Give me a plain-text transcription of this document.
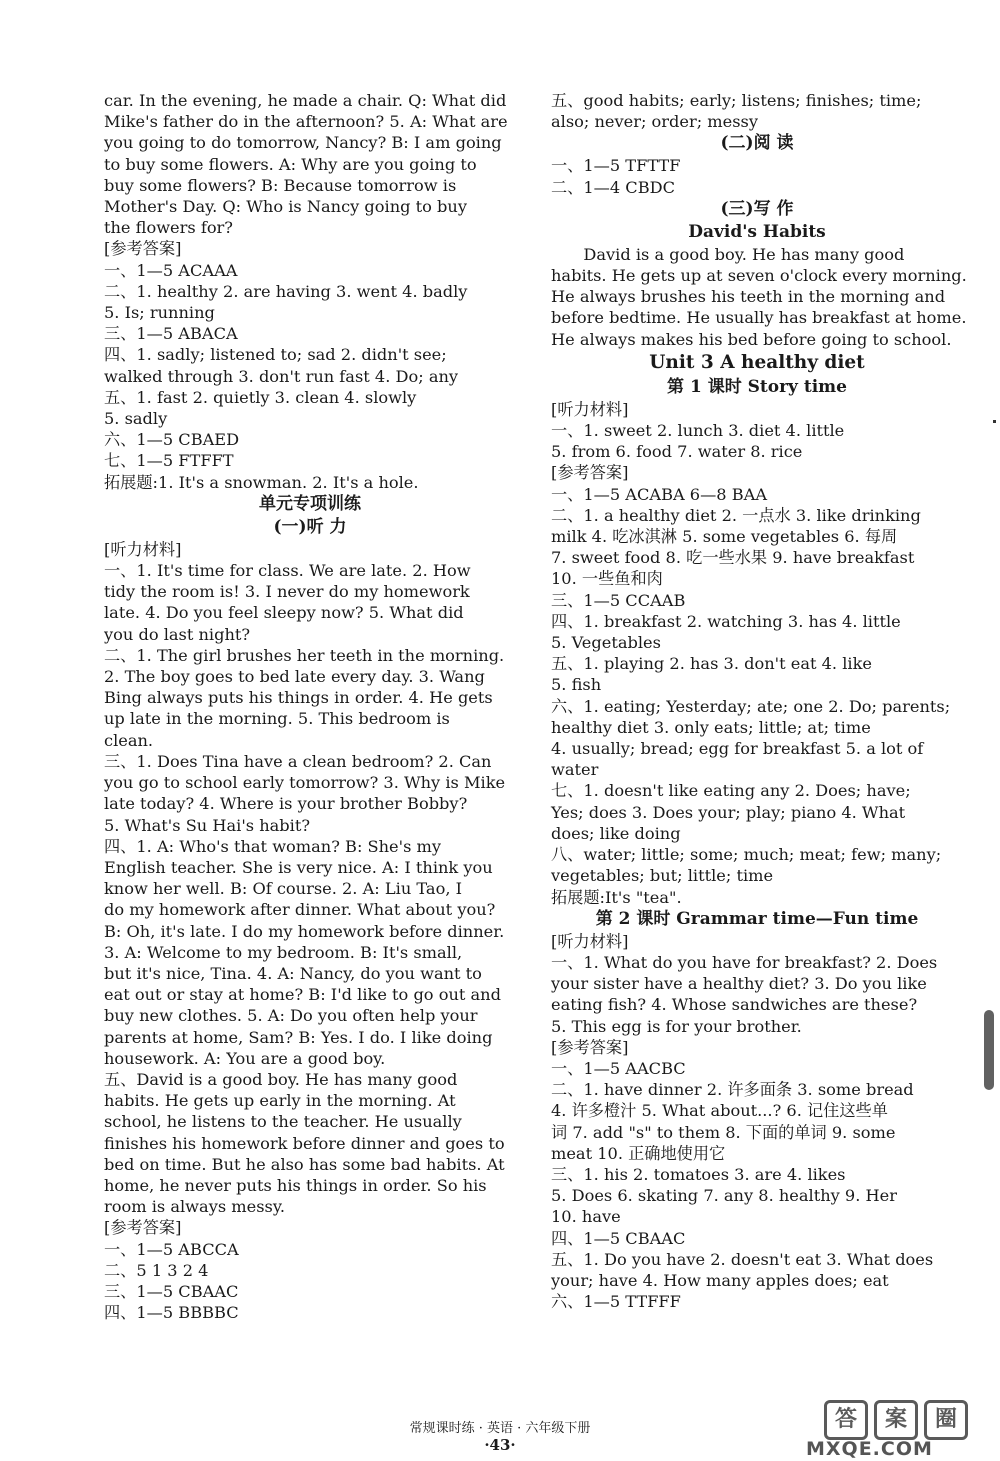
car. In the evening, he made a chair. Q: What did
Mike's father do in the afternoon? 5. A: What are
you going to do tomorrow, Nancy? B: I am going
to buy some flowers. A: Why are you going to
buy some flowers? B: Because tomorrow is
Mother's Day. Q: Who is Nancy going to buy
the flowers for?
[参考答案]
一、1—5 ACAAA
二、1. healthy 2. are having 3. went 4. badly
5. Is; running
三、1—5 ABACA
四、1. sadly; listened to; sad 2. didn't see;
walked through 3. don't run fast 4. Do; any
五、1. fast 2. quietly 3. clean 4. slowly
5. sadly
六、1—5 CBAED
七、1—5 FTFFT
拓展题:1. It's a snowman. 2. It's a hole.
单元专项训练
(一)听 力
[听力材料]
一、1. It's time for class. We are late. 2. How
tidy the room is! 3. I never do my homework
late. 4. Do you feel sleepy now? 5. What did
you do last night?
二、1. The girl brushes her teeth in the morning.
2. The boy goes to bed late every day. 3. Wang
Bing always puts his things in order. 4. He gets
up late in the morning. 5. This bedroom is
clean.
三、1. Does Tina have a clean bedroom? 2. Can
you go to school early tomorrow? 3. Why is Mike
late today? 4. Where is your brother Bobby?
5. What's Su Hai's habit?
四、1. A: Who's that woman? B: She's my
English teacher. She is very nice. A: I think you
know her well. B: Of course. 2. A: Liu Tao, I
do my homework after dinner. What about you?
B: Oh, it's late. I do my homework before dinner.
3. A: Welcome to my bedroom. B: It's small,
but it's nice, Tina. 4. A: Nancy, do you want to
eat out or stay at home? B: I'd like to go out and
buy new clothes. 5. A: Do you often help your
parents at home, Sam? B: Yes. I do. I like doing
housework. A: You are a good boy.
五、David is a good boy. He has many good
habits. He gets up early in the morning. At
school, he listens to the teacher. He usually
finishes his homework before dinner and goes to
bed on time. But he also has some bad habits. At
home, he never puts his things in order. So his
room is always messy.
[参考答案]
一、1—5 ABCCA
二、5 1 3 2 4
三、1—5 CBAAC
四、1—5 BBBBC
五、good habits; early; listens; finishes; time;
also; never; order; messy
(二)阅 读
一、1—5 TFTTF
二、1—4 CBDC
(三)写 作
David's Habits
David is a good boy. He has many good
habits. He gets up at seven o'clock every morning.
He always brushes his teeth in the morning and
before bedtime. He usually has breakfast at home.
He always makes his bed before going to school.
Unit 3 A healthy diet
第 1 课时 Story time
[听力材料]
一、1. sweet 2. lunch 3. diet 4. little
5. from 6. food 7. water 8. rice
[参考答案]
一、1—5 ACABA 6—8 BAA
二、1. a healthy diet 2. 一点水 3. like drinking
milk 4. 吃冰淇淋 5. some vegetables 6. 每周
7. sweet food 8. 吃一些水果 9. have breakfast
10. 一些鱼和肉
三、1—5 CCAAB
四、1. breakfast 2. watching 3. has 4. little
5. Vegetables
五、1. playing 2. has 3. don't eat 4. like
5. fish
六、1. eating; Yesterday; ate; one 2. Do; parents;
healthy diet 3. only eats; little; at; time
4. usually; bread; egg for breakfast 5. a lot of
water
七、1. doesn't like eating any 2. Does; have;
Yes; does 3. Does your; play; piano 4. What
does; like doing
八、water; little; some; much; meat; few; many;
vegetables; but; little; time
拓展题:It's "tea".
第 2 课时 Grammar time—Fun time
[听力材料]
一、1. What do you have for breakfast? 2. Does
your sister have a healthy diet? 3. Do you like
eating fish? 4. Whose sandwiches are these?
5. This egg is for your brother.
[参考答案]
一、1—5 AACBC
二、1. have dinner 2. 许多面条 3. some bread
4. 许多橙汁 5. What about...? 6. 记住这些单
词 7. add "s" to them 8. 下面的单词 9. some
meat 10. 正确地使用它
三、1. his 2. tomatoes 3. are 4. likes
5. Does 6. skating 7. any 8. healthy 9. Her
10. have
四、1—5 CBAAC
五、1. Do you have 2. doesn't eat 3. What does
your; have 4. How many apples does; eat
六、1—5 TTFFF
常规课时练 · 英语 · 六年级下册
·43·
答	案	圈
MXQE.COM
